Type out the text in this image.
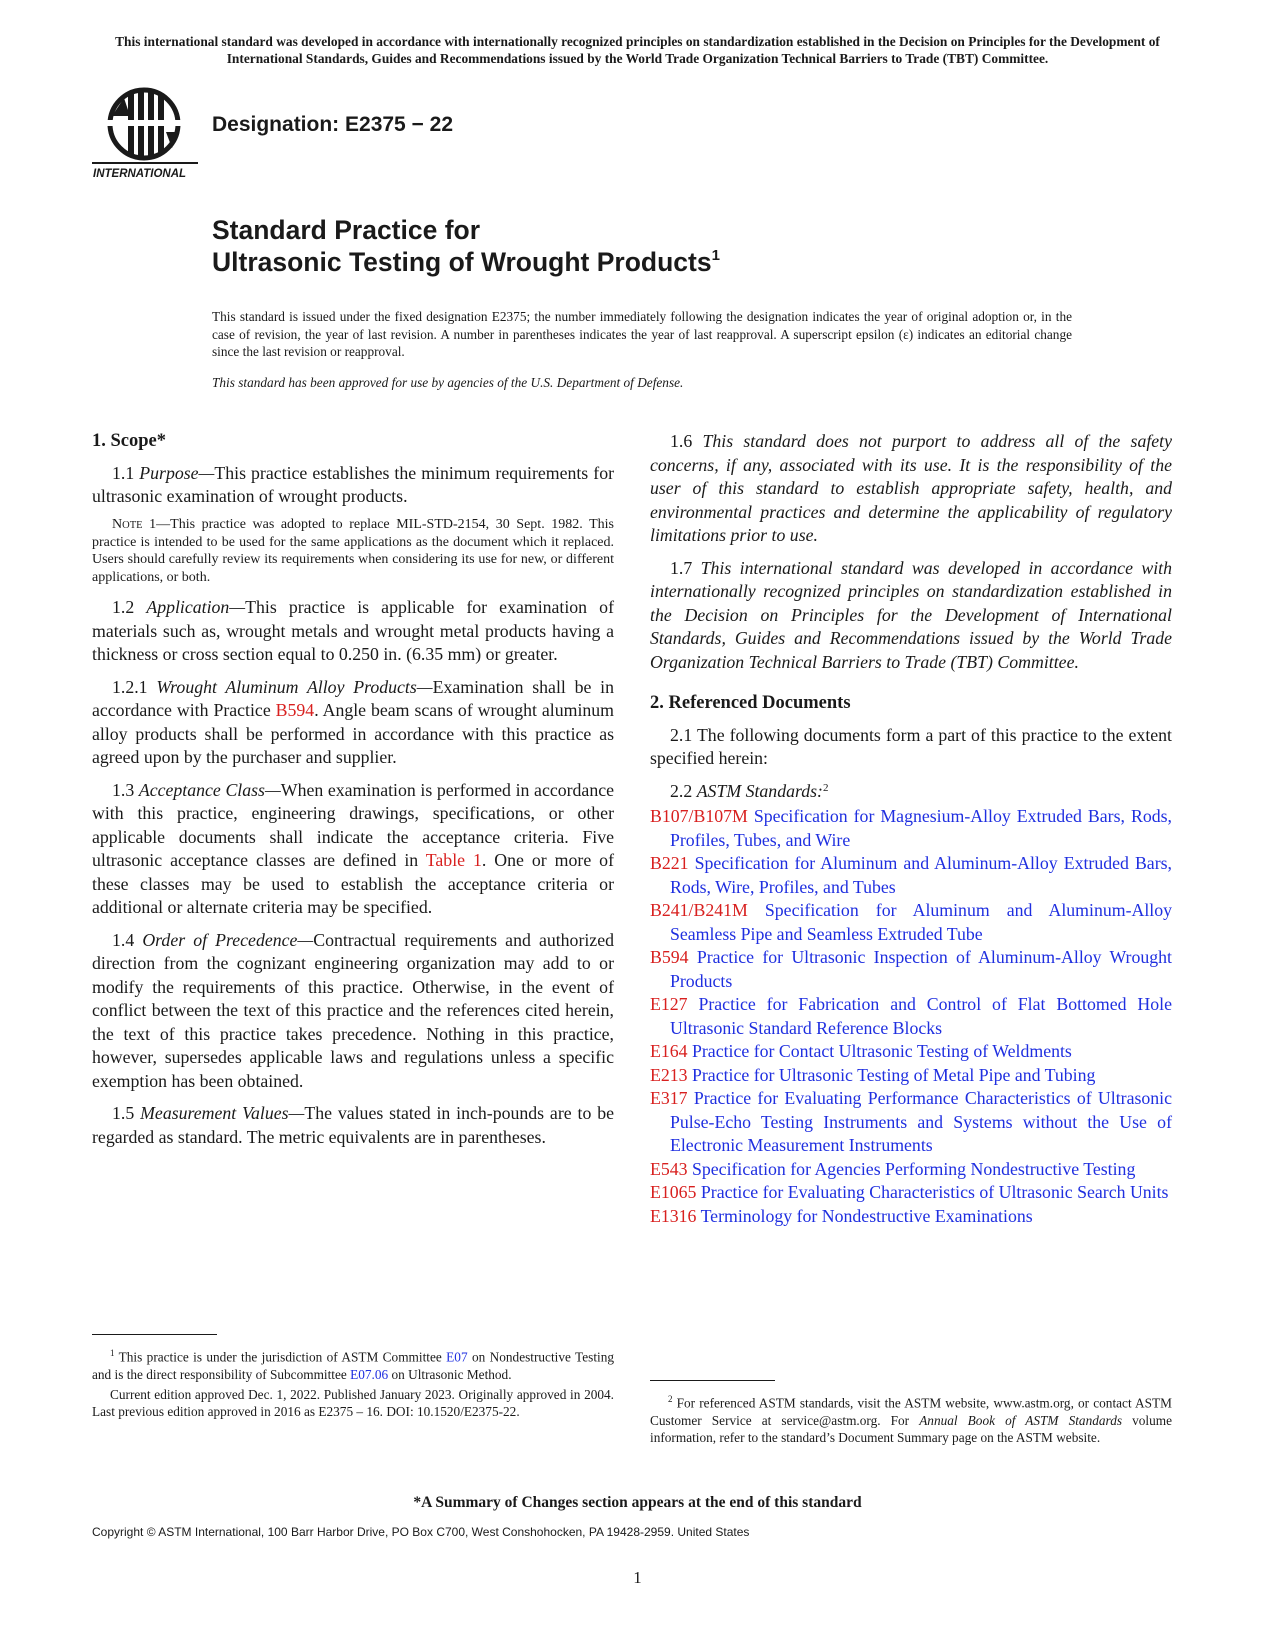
This international standard was developed in accordance with internationally recognized principles on standardization established in the Decision on Principles for the Development of International Standards, Guides and Recommendations issued by the World Trade Organization Technical Barriers to Trade (TBT) Committee.
INTERNATIONAL
Designation: E2375 − 22
Standard Practice for
Ultrasonic Testing of Wrought Products$^1$
This standard is issued under the fixed designation E2375; the number immediately following the designation indicates the year of original adoption or, in the case of revision, the year of last revision. A number in parentheses indicates the year of last reapproval. A superscript epsilon (ε) indicates an editorial change since the last revision or reapproval.
This standard has been approved for use by agencies of the U.S. Department of Defense.
1. Scope*
1.1 Purpose—This practice establishes the minimum requirements for ultrasonic examination of wrought products.
NOTE 1—This practice was adopted to replace MIL-STD-2154, 30 Sept. 1982. This practice is intended to be used for the same applications as the document which it replaced. Users should carefully review its requirements when considering its use for new, or different applications, or both.
1.2 Application—This practice is applicable for examination of materials such as, wrought metals and wrought metal products having a thickness or cross section equal to 0.250 in. (6.35 mm) or greater.
1.2.1 Wrought Aluminum Alloy Products—Examination shall be in accordance with Practice B594. Angle beam scans of wrought aluminum alloy products shall be performed in accordance with this practice as agreed upon by the purchaser and supplier.
1.3 Acceptance Class—When examination is performed in accordance with this practice, engineering drawings, specifications, or other applicable documents shall indicate the acceptance criteria. Five ultrasonic acceptance classes are defined in Table 1. One or more of these classes may be used to establish the acceptance criteria or additional or alternate criteria may be specified.
1.4 Order of Precedence—Contractual requirements and authorized direction from the cognizant engineering organization may add to or modify the requirements of this practice. Otherwise, in the event of conflict between the text of this practice and the references cited herein, the text of this practice takes precedence. Nothing in this practice, however, supersedes applicable laws and regulations unless a specific exemption has been obtained.
1.5 Measurement Values—The values stated in inch-pounds are to be regarded as standard. The metric equivalents are in parentheses.
1.6 This standard does not purport to address all of the safety concerns, if any, associated with its use. It is the responsibility of the user of this standard to establish appropriate safety, health, and environmental practices and determine the applicability of regulatory limitations prior to use.
1.7 This international standard was developed in accordance with internationally recognized principles on standardization established in the Decision on Principles for the Development of International Standards, Guides and Recommendations issued by the World Trade Organization Technical Barriers to Trade (TBT) Committee.
2. Referenced Documents
2.1 The following documents form a part of this practice to the extent specified herein:
2.2 ASTM Standards:$^2$
B107/B107M Specification for Magnesium-Alloy Extruded Bars, Rods, Profiles, Tubes, and Wire
B221 Specification for Aluminum and Aluminum-Alloy Extruded Bars, Rods, Wire, Profiles, and Tubes
B241/B241M Specification for Aluminum and Aluminum-Alloy Seamless Pipe and Seamless Extruded Tube
B594 Practice for Ultrasonic Inspection of Aluminum-Alloy Wrought Products
E127 Practice for Fabrication and Control of Flat Bottomed Hole Ultrasonic Standard Reference Blocks
E164 Practice for Contact Ultrasonic Testing of Weldments
E213 Practice for Ultrasonic Testing of Metal Pipe and Tubing
E317 Practice for Evaluating Performance Characteristics of Ultrasonic Pulse-Echo Testing Instruments and Systems without the Use of Electronic Measurement Instruments
E543 Specification for Agencies Performing Nondestructive Testing
E1065 Practice for Evaluating Characteristics of Ultrasonic Search Units
E1316 Terminology for Nondestructive Examinations
$^1$ This practice is under the jurisdiction of ASTM Committee E07 on Nondestructive Testing and is the direct responsibility of Subcommittee E07.06 on Ultrasonic Method.
Current edition approved Dec. 1, 2022. Published January 2023. Originally approved in 2004. Last previous edition approved in 2016 as E2375 – 16. DOI: 10.1520/E2375-22.
$^2$ For referenced ASTM standards, visit the ASTM website, www.astm.org, or contact ASTM Customer Service at service@astm.org. For Annual Book of ASTM Standards volume information, refer to the standard’s Document Summary page on the ASTM website.
*A Summary of Changes section appears at the end of this standard
Copyright © ASTM International, 100 Barr Harbor Drive, PO Box C700, West Conshohocken, PA 19428-2959. United States
1
